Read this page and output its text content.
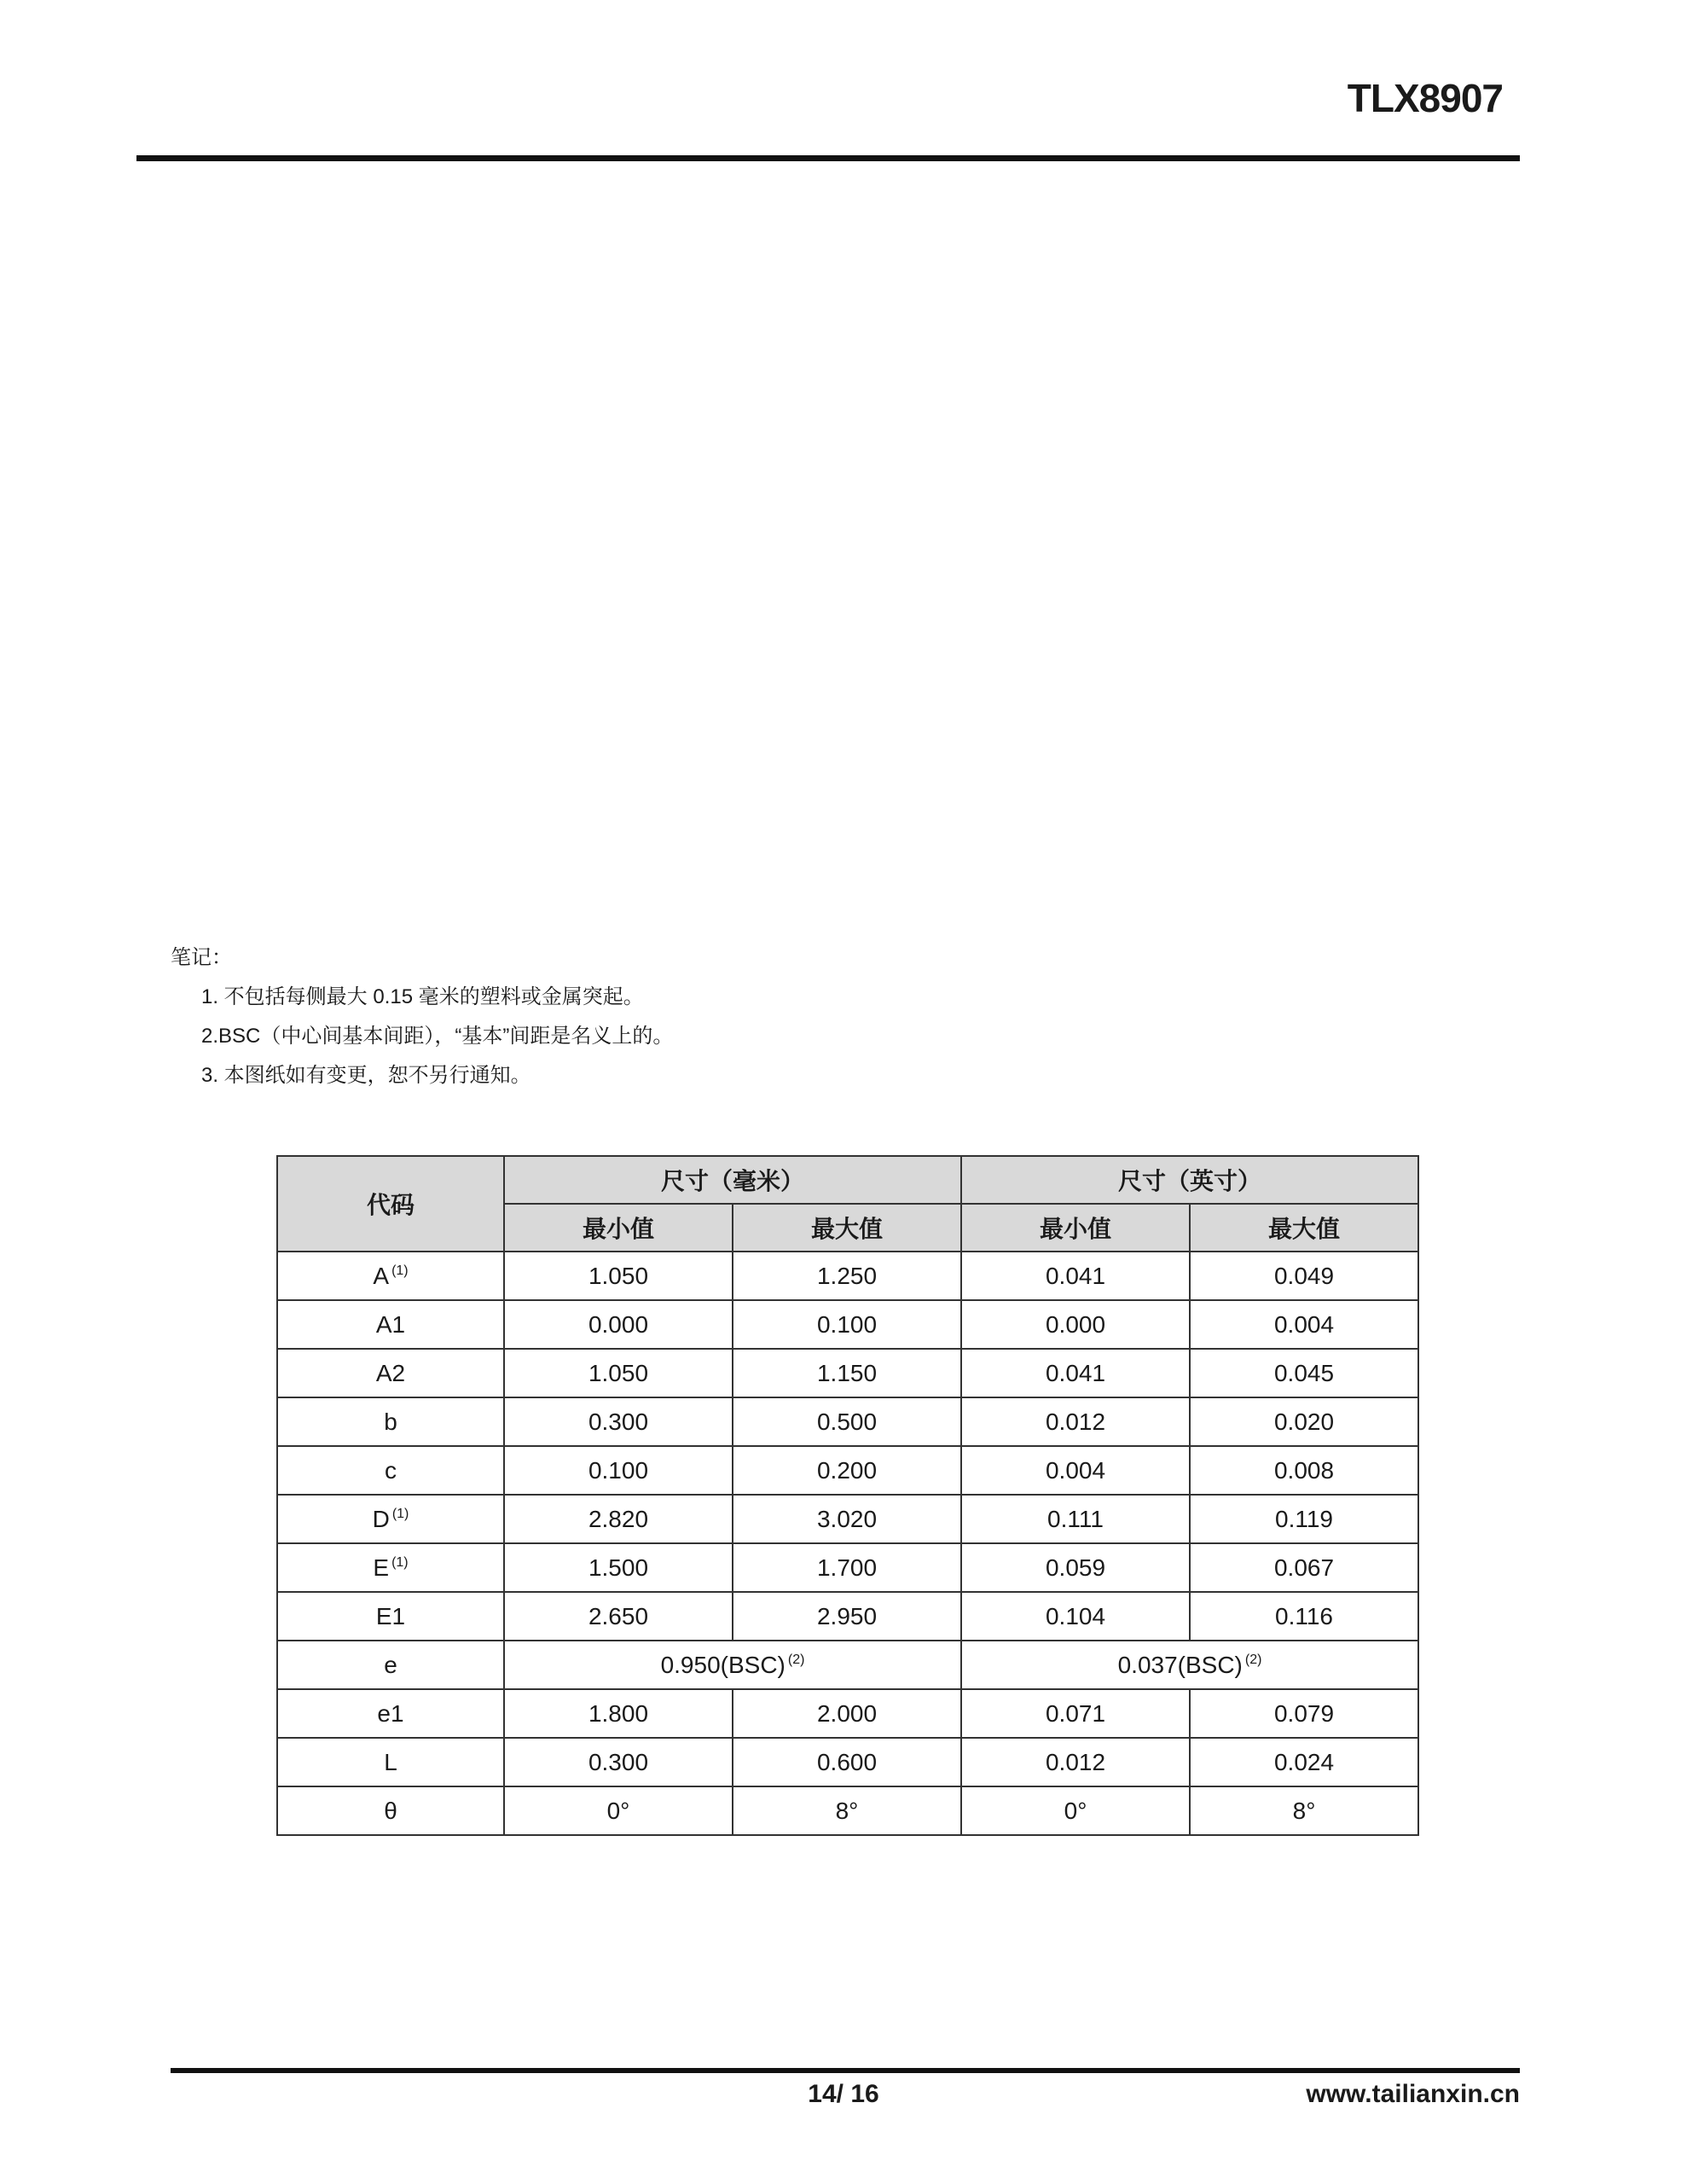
TLX8907
笔记：
1. 不包括每侧最大 0.15 毫米的塑料或金属突起。
2.BSC（中心间基本间距），“基本”间距是名义上的。
3. 本图纸如有变更，恕不另行通知。
代码	尺寸（毫米）		尺寸（英寸）	
	最小值	最大值	最小值	最大值
A $^{(1)}$	1.050	1.250	0.041	0.049
A1	0.000	0.100	0.000	0.004
A2	1.050	1.150	0.041	0.045
b	0.300	0.500	0.012	0.020
c	0.100	0.200	0.004	0.008
D $^{(1)}$	2.820	3.020	0.111	0.119
E $^{(1)}$	1.500	1.700	0.059	0.067
E1	2.650	2.950	0.104	0.116
e	0.950(BSC) $^{(2)}$		0.037(BSC) $^{(2)}$
e1	1.800	2.000	0.071	0.079
L	0.300	0.600	0.012	0.024
θ	0°	8°	0°	8°
14/ 16	www.tailianxin.cn
